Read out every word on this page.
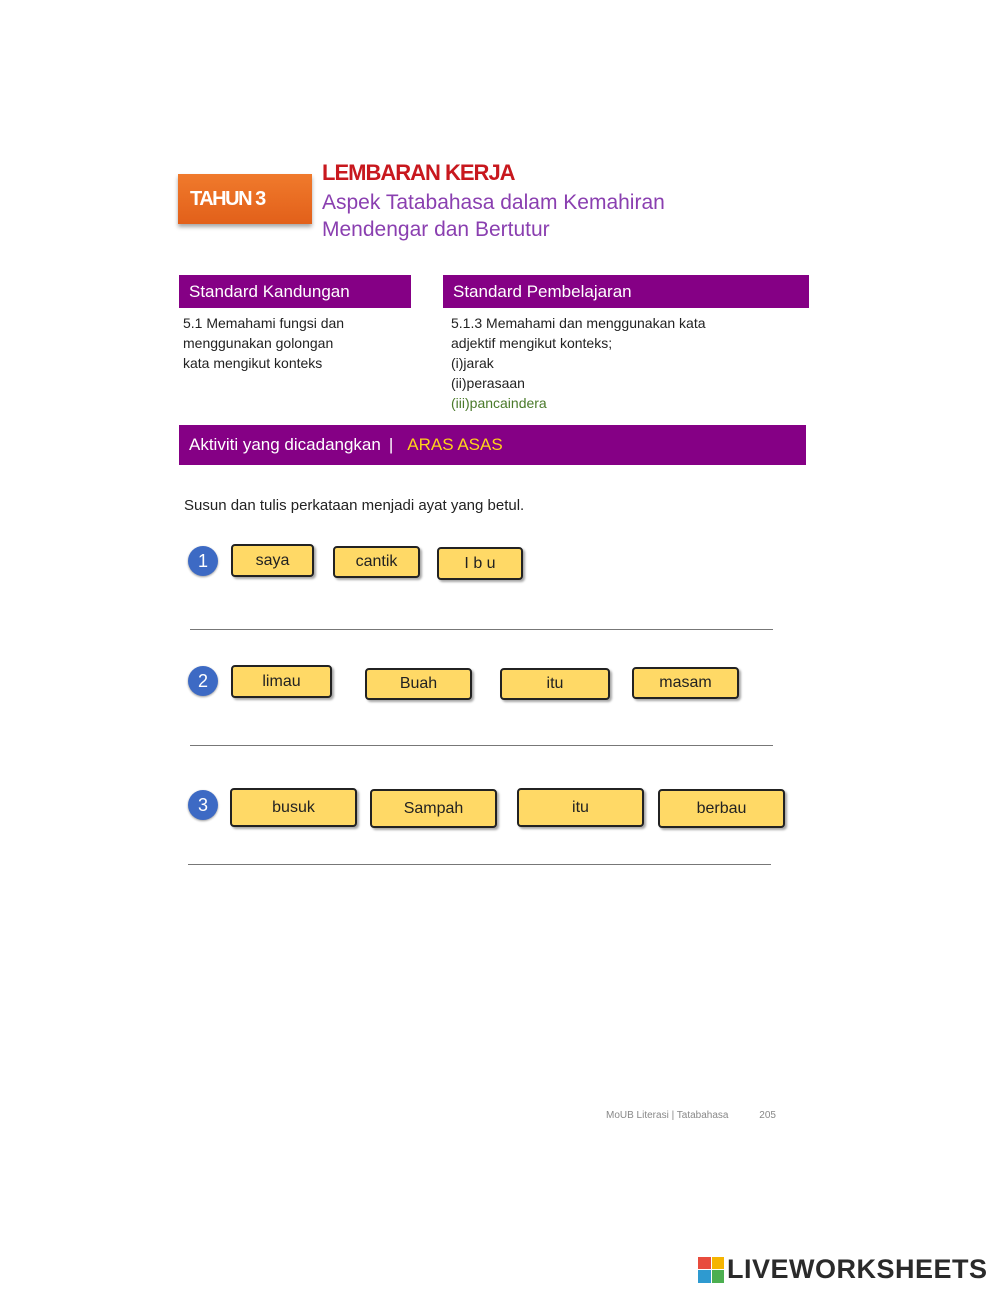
TAHUN 3
LEMBARAN KERJA
Aspek Tatabahasa dalam Kemahiran
Mendengar dan Bertutur
Standard Kandungan	Standard Pembelajaran
5.1 Memahami fungsi dan
menggunakan golongan
kata mengikut konteks
5.1.3 Memahami dan menggunakan kata
adjektif mengikut konteks;
(i)jarak
(ii)perasaan
(iii)pancaindera
Aktiviti yang dicadangkan | ARAS ASAS
Susun dan tulis perkataan menjadi ayat yang betul.
1	saya	cantik	I b u
2	limau	Buah	itu	masam
3	busuk	Sampah	itu	berbau
MoUB Literasi | Tatabahasa	205
LIVEWORKSHEETS
